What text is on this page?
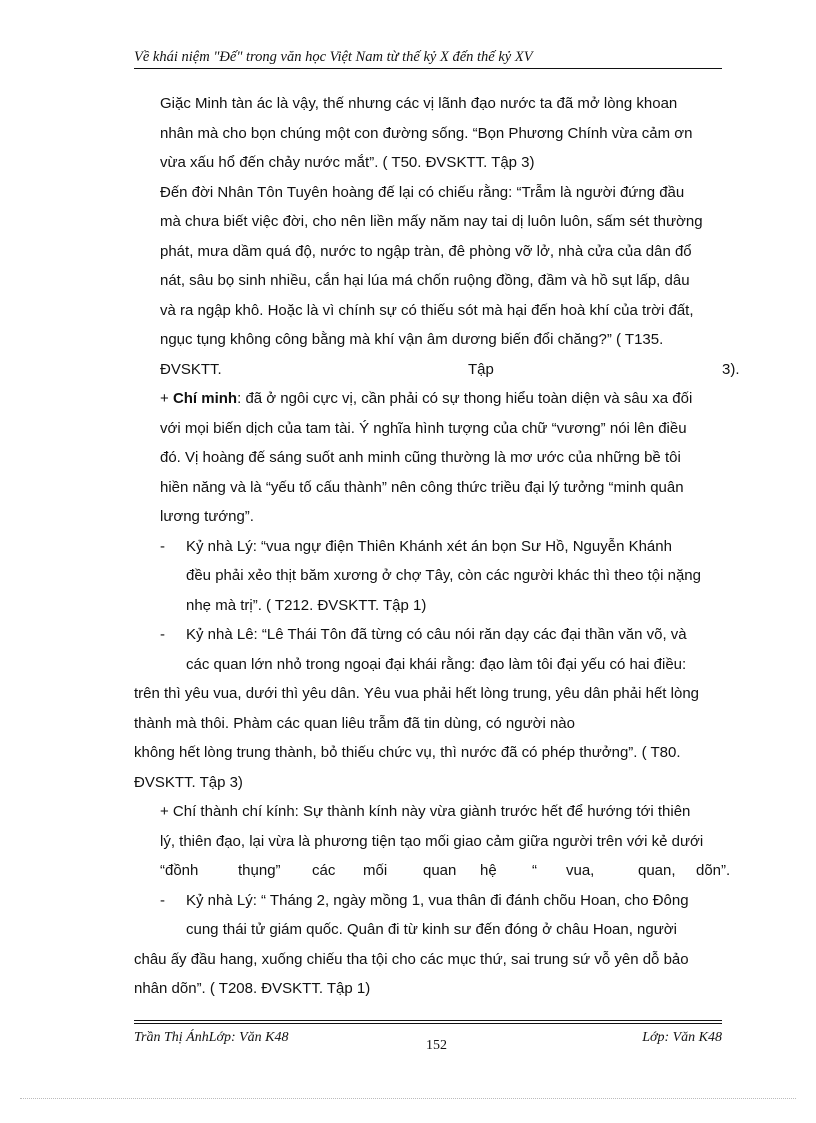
Về khái niệm "Đế" trong văn học Việt Nam từ thế kỷ X đến thế kỷ XV
Giặc Minh tàn ác là vậy, thế nhưng các vị lãnh đạo nước ta đã mở lòng khoan
nhân mà cho bọn chúng một con đường sống. “Bọn Phương Chính vừa cảm ơn
vừa xấu hổ đến chảy nước mắt”. ( T50. ĐVSKTT. Tập 3)
Đến đời Nhân Tôn Tuyên hoàng đế lại có chiếu rằng: “Trẫm là người đứng đầu
mà chưa biết việc đời, cho nên liền mấy năm nay tai dị luôn luôn, sấm sét thường
phát, mưa dầm quá độ, nước to ngập tràn, đê phòng vỡ lở, nhà cửa của dân đổ
nát, sâu bọ sinh nhiều, cắn hại lúa má chốn ruộng đồng, đầm và hồ sụt lấp, dâu
và ra ngập khô. Hoặc là vì chính sự có thiếu sót mà hại đến hoà khí của trời đất,
ngục tụng không công bằng mà khí vận âm dương biến đổi chăng?” ( T135.
ĐVSKTT.	Tập	3).
+ Chí minh: đã ở ngôi cực vị, cần phải có sự thong hiểu toàn diện và sâu xa đối
với mọi biến dịch của tam tài. Ý nghĩa hình tượng của chữ “vương” nói lên điều
đó. Vị hoàng đế sáng suốt anh minh cũng thường là mơ ước của những bề tôi
hiền năng và là “yếu tố cấu thành” nên công thức triều đại lý tưởng “minh quân
lương tướng”.
- Kỷ nhà Lý: “vua ngự điện Thiên Khánh xét án bọn Sư Hồ, Nguyễn Khánh
đều phải xẻo thịt băm xương ở chợ Tây, còn các người khác thì theo tội nặng
nhẹ mà trị”. ( T212. ĐVSKTT. Tập 1)
- Kỷ nhà Lê: “Lê Thái Tôn đã từng có câu nói răn dạy các đại thần văn võ, và
các quan lớn nhỏ trong ngoại đại khái rằng: đạo làm tôi đại yếu có hai điều:
trên thì yêu vua, dưới thì yêu dân. Yêu vua phải hết lòng trung, yêu dân phải hết lòng
thành mà thôi. Phàm các quan liêu trẫm đã tin dùng, có người nào
không hết lòng trung thành, bỏ thiếu chức vụ, thì nước đã có phép thưởng”. ( T80.
ĐVSKTT. Tập 3)
+ Chí thành chí kính: Sự thành kính này vừa giành trước hết để hướng tới thiên
lý, thiên đạo, lại vừa là phương tiện tạo mối giao cảm giữa người trên với kẻ dưới
“đồnh	thụng” các mối quan hệ “ vua,	quan, dõn”.
- Kỷ nhà Lý: “ Tháng 2, ngày mồng 1, vua thân đi đánh chõu Hoan, cho Đông
cung thái tử giám quốc. Quân đi từ kinh sư đến đóng ở châu Hoan, người
châu ấy đầu hang, xuống chiếu tha tội cho các mục thứ, sai trung sứ vỗ yên dỗ bảo
nhân dõn”. ( T208. ĐVSKTT. Tập 1)
Trần Thị ÁnhLớp: Văn K48
152
Lớp: Văn K48
